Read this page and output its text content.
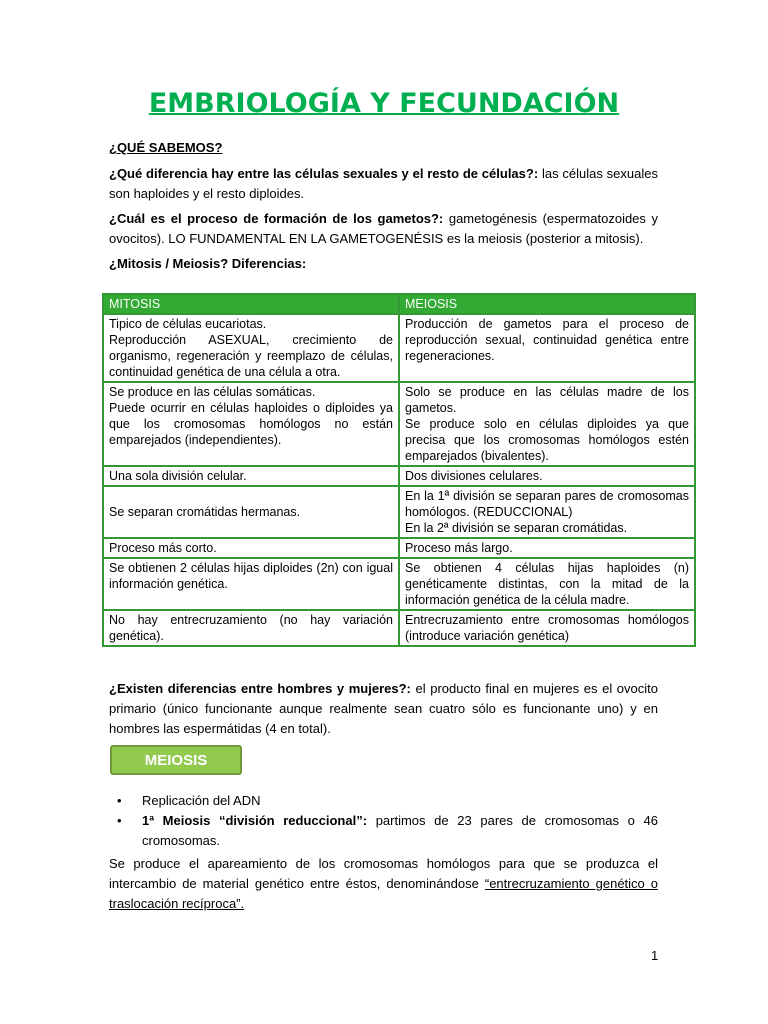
EMBRIOLOGÍA Y FECUNDACIÓN

¿QUÉ SABEMOS?

¿Qué diferencia hay entre las células sexuales y el resto de células?: las células sexuales son haploides y el resto diploides.

¿Cuál es el proceso de formación de los gametos?: gametogénesis (espermatozoides y ovocitos). LO FUNDAMENTAL EN LA GAMETOGENÉSIS es la meiosis (posterior a mitosis).

¿Mitosis / Meiosis? Diferencias:

MITOSIS	MEIOSIS

Tipico de células eucariotas.
Reproducción ASEXUAL, crecimiento de organismo, regeneración y reemplazo de células, continuidad genética de una célula a otra.	Producción de gametos para el proceso de reproducción sexual, continuidad genética entre regeneraciones.

Se produce en las células somáticas.
Puede ocurrir en células haploides o diploides ya que los cromosomas homólogos no están emparejados (independientes).	Solo se produce en las células madre de los gametos.
Se produce solo en células diploides ya que precisa que los cromosomas homólogos estén emparejados (bivalentes).

Una sola división celular.	Dos divisiones celulares.
Se separan cromátidas hermanas.	En la 1ª división se separan pares de cromosomas homólogos. (REDUCCIONAL)
En la 2ª división se separan cromátidas.

Proceso más corto.	Proceso más largo.
Se obtienen 2 células hijas diploides (2n) con igual información genética.	Se obtienen 4 células hijas haploides (n) genéticamente distintas, con la mitad de la información genética de la célula madre.
No hay entrecruzamiento (no hay variación genética).	Entrecruzamiento entre cromosomas homólogos (introduce variación genética)

¿Existen diferencias entre hombres y mujeres?: el producto final en mujeres es el ovocito primario (único funcionante aunque realmente sean cuatro sólo es funcionante uno) y en hombres las espermátidas (4 en total).

MEIOSIS
• Replicación del ADN
• 1ª Meiosis “división reduccional”: partimos de 23 pares de cromosomas o 46 cromosomas.

Se produce el apareamiento de los cromosomas homólogos para que se produzca el intercambio de material genético entre éstos, denominándose “entrecruzamiento genético o traslocación recíproca”.

1
